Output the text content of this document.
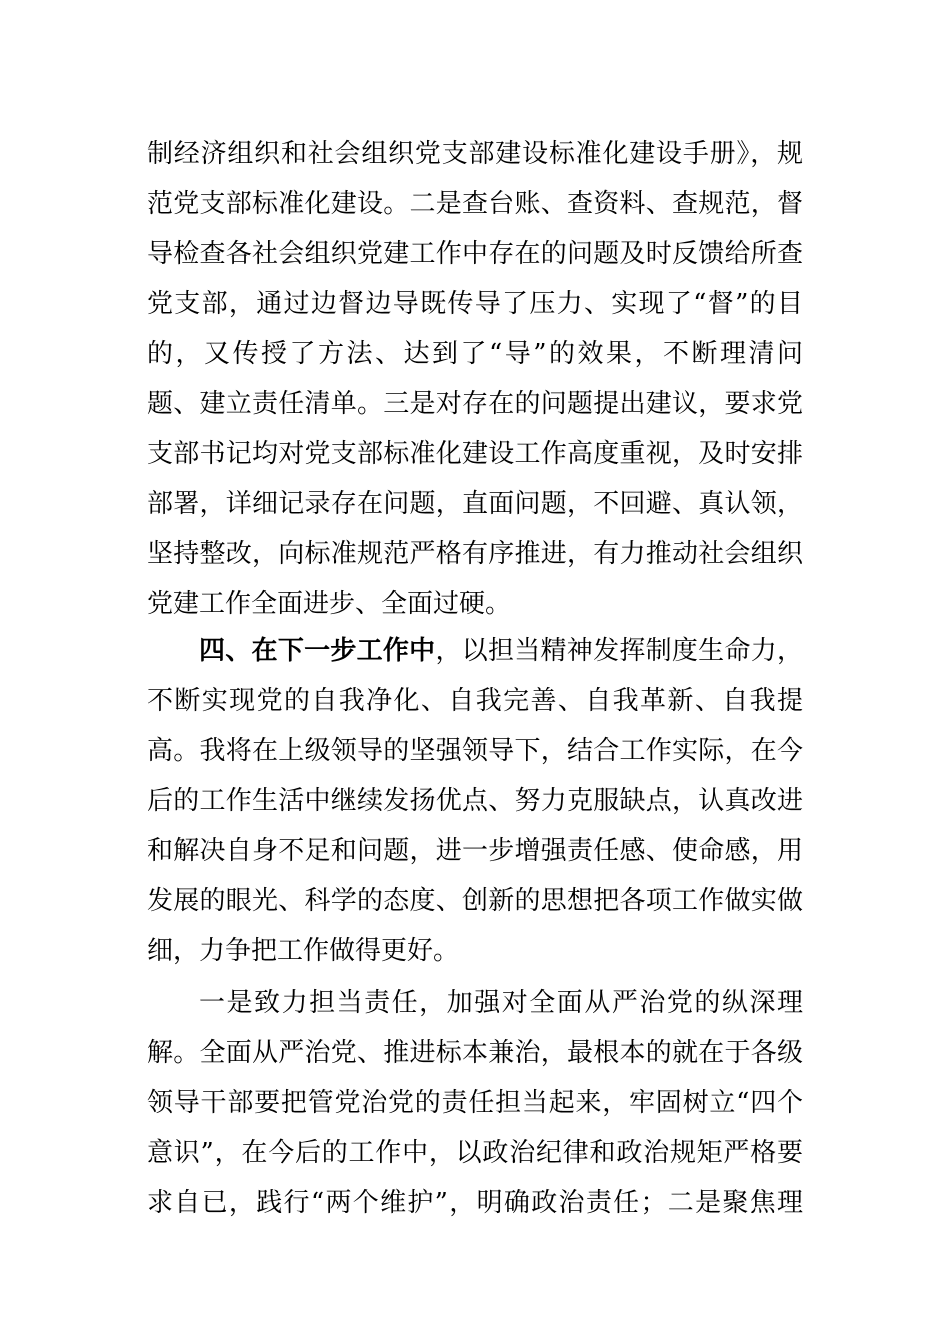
制经济组织和社会组织党支部建设标准化建设手册》，规
范党支部标准化建设。二是查台账、查资料、查规范，督
导检查各社会组织党建工作中存在的问题及时反馈给所查
党支部，通过边督边导既传导了压力、实现了“督”的目
的，又传授了方法、达到了“导”的效果，不断理清问
题、建立责任清单。三是对存在的问题提出建议，要求党
支部书记均对党支部标准化建设工作高度重视，及时安排
部署，详细记录存在问题，直面问题，不回避、真认领，
坚持整改，向标准规范严格有序推进，有力推动社会组织
党建工作全面进步、全面过硬。
四、在下一步工作中，以担当精神发挥制度生命力，
不断实现党的自我净化、自我完善、自我革新、自我提
高。我将在上级领导的坚强领导下，结合工作实际，在今
后的工作生活中继续发扬优点、努力克服缺点，认真改进
和解决自身不足和问题，进一步增强责任感、使命感，用
发展的眼光、科学的态度、创新的思想把各项工作做实做
细，力争把工作做得更好。
一是致力担当责任，加强对全面从严治党的纵深理
解。全面从严治党、推进标本兼治，最根本的就在于各级
领导干部要把管党治党的责任担当起来，牢固树立“四个
意识”，在今后的工作中，以政治纪律和政治规矩严格要
求自已，践行“两个维护”，明确政治责任；二是聚焦理
